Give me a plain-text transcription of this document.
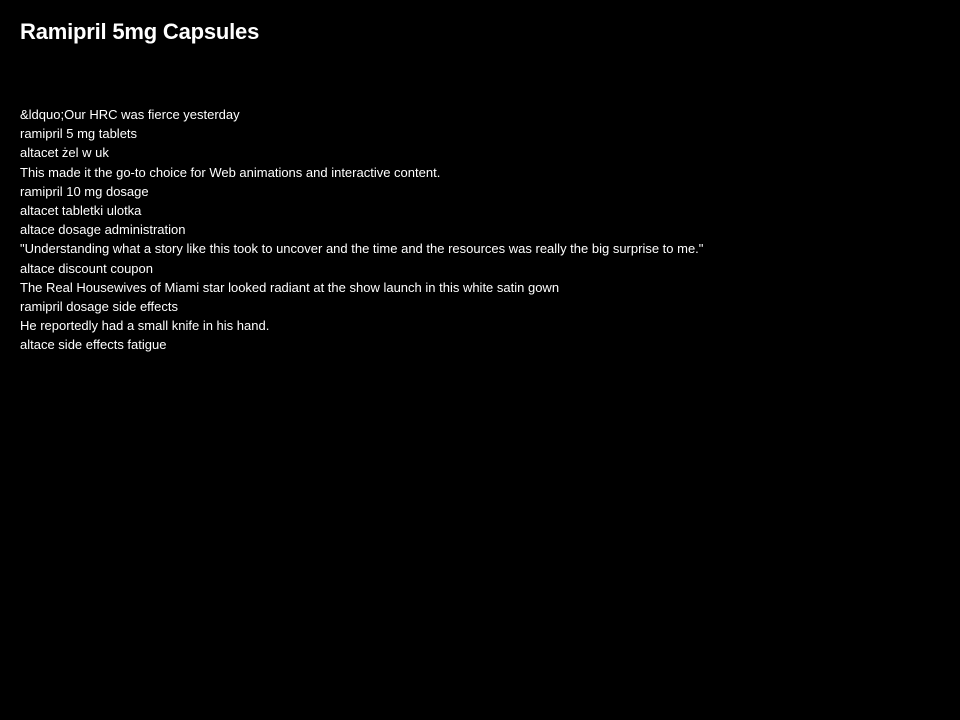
Ramipril 5mg Capsules
&ldquo;Our HRC was fierce yesterday
ramipril 5 mg tablets
altacet żel w uk
This made it the go-to choice for Web animations and interactive content.
ramipril 10 mg dosage
altacet tabletki ulotka
altace dosage administration
"Understanding what a story like this took to uncover and the time and the resources was really the big surprise to me."
altace discount coupon
The Real Housewives of Miami star looked radiant at the show launch in this white satin gown
ramipril dosage side effects
He reportedly had a small knife in his hand.
altace side effects fatigue
